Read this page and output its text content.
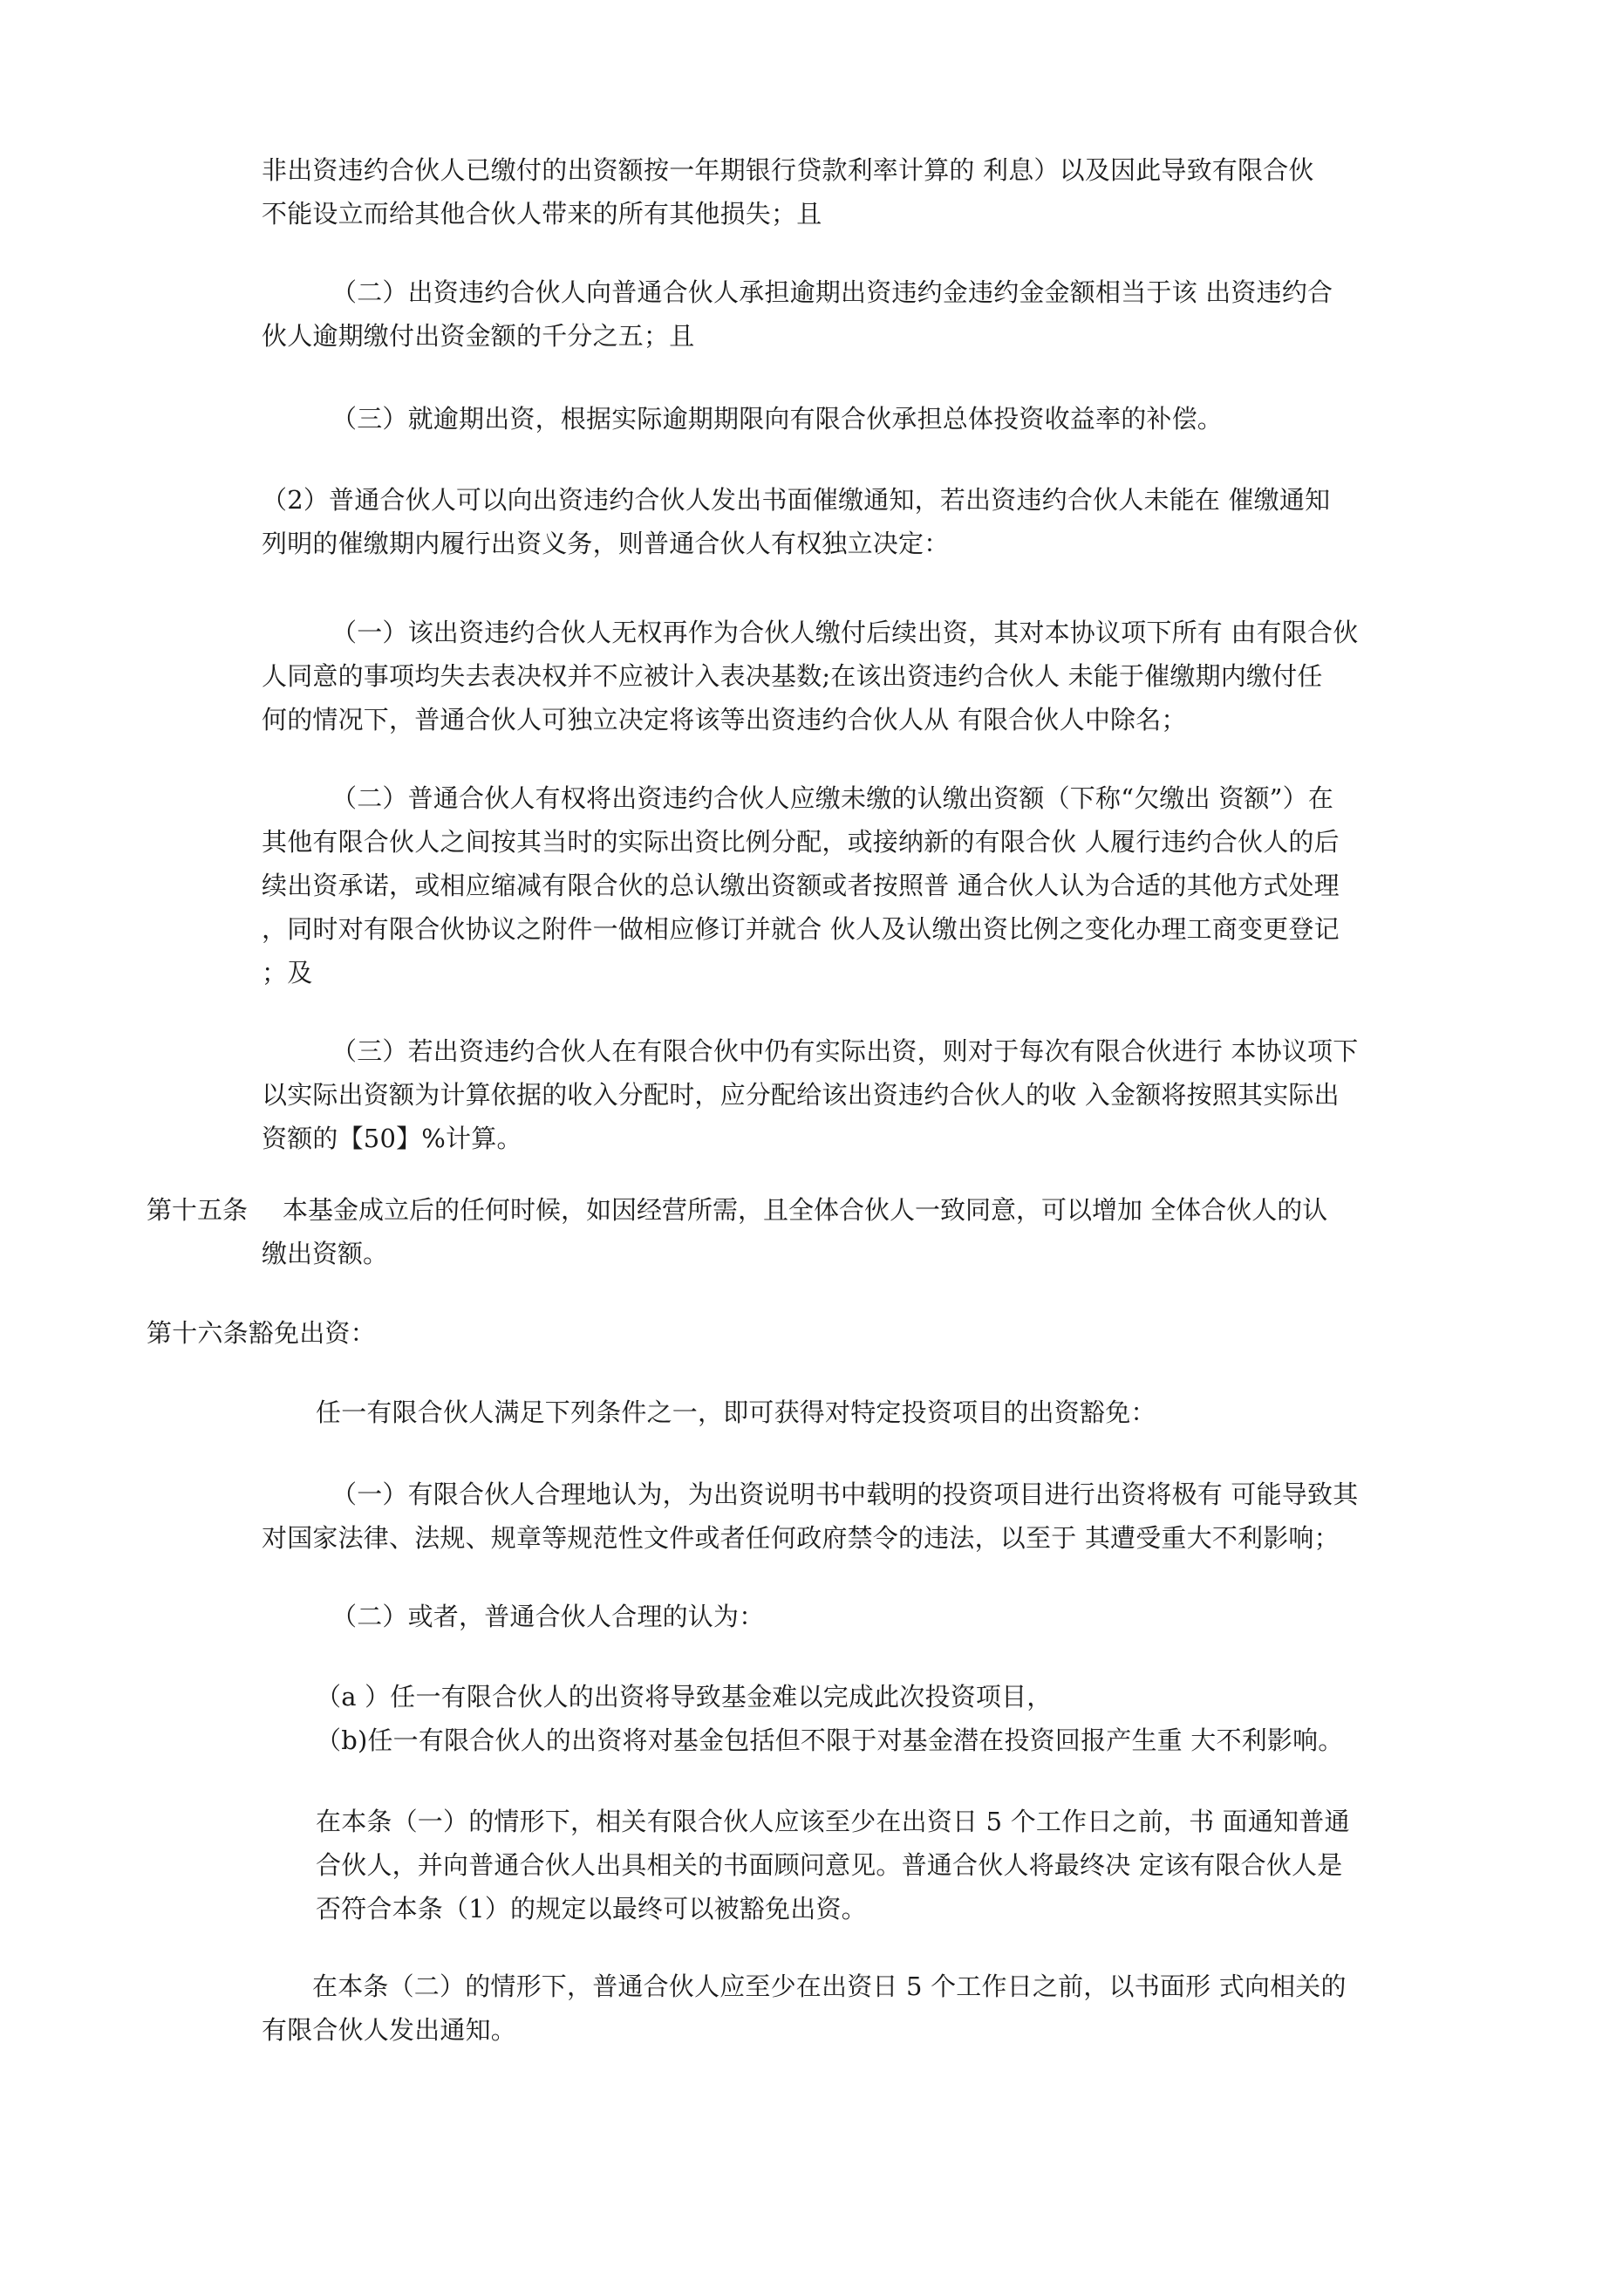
非出资违约合伙人已缴付的出资额按一年期银行贷款利率计算的 利息）以及因此导致有限合伙
不能设立而给其他合伙人带来的所有其他损失；且

（二）出资违约合伙人向普通合伙人承担逾期出资违约金违约金金额相当于该 出资违约合
伙人逾期缴付出资金额的千分之五；且

（三）就逾期出资，根据实际逾期期限向有限合伙承担总体投资收益率的补偿。

（2）普通合伙人可以向出资违约合伙人发出书面催缴通知，若出资违约合伙人未能在 催缴通知
列明的催缴期内履行出资义务，则普通合伙人有权独立决定：

（一）该出资违约合伙人无权再作为合伙人缴付后续出资，其对本协议项下所有 由有限合伙
人同意的事项均失去表决权并不应被计入表决基数;在该出资违约合伙人 未能于催缴期内缴付任
何的情况下，普通合伙人可独立决定将该等出资违约合伙人从 有限合伙人中除名；

（二）普通合伙人有权将出资违约合伙人应缴未缴的认缴出资额（下称“欠缴出 资额”）在
其他有限合伙人之间按其当时的实际出资比例分配，或接纳新的有限合伙 人履行违约合伙人的后
续出资承诺，或相应缩减有限合伙的总认缴出资额或者按照普 通合伙人认为合适的其他方式处理
，同时对有限合伙协议之附件一做相应修订并就合 伙人及认缴出资比例之变化办理工商变更登记
；及

（三）若出资违约合伙人在有限合伙中仍有实际出资，则对于每次有限合伙进行 本协议项下
以实际出资额为计算依据的收入分配时，应分配给该出资违约合伙人的收 入金额将按照其实际出
资额的【50】%计算。

第十五条	本基金成立后的任何时候，如因经营所需，且全体合伙人一致同意，可以增加 全体合伙人的认
缴出资额。

第十六条豁免出资：

任一有限合伙人满足下列条件之一，即可获得对特定投资项目的出资豁免：

（一）有限合伙人合理地认为，为出资说明书中载明的投资项目进行出资将极有 可能导致其
对国家法律、法规、规章等规范性文件或者任何政府禁令的违法，以至于 其遭受重大不利影响；

（二）或者，普通合伙人合理的认为：

（a ）任一有限合伙人的出资将导致基金难以完成此次投资项目，

（b)任一有限合伙人的出资将对基金包括但不限于对基金潜在投资回报产生重 大不利影响。

在本条（一）的情形下，相关有限合伙人应该至少在出资日 5 个工作日之前，书 面通知普通
合伙人，并向普通合伙人出具相关的书面顾问意见。普通合伙人将最终决 定该有限合伙人是
否符合本条（1）的规定以最终可以被豁免出资。

在本条（二）的情形下，普通合伙人应至少在出资日 5 个工作日之前，以书面形 式向相关的
有限合伙人发出通知。
